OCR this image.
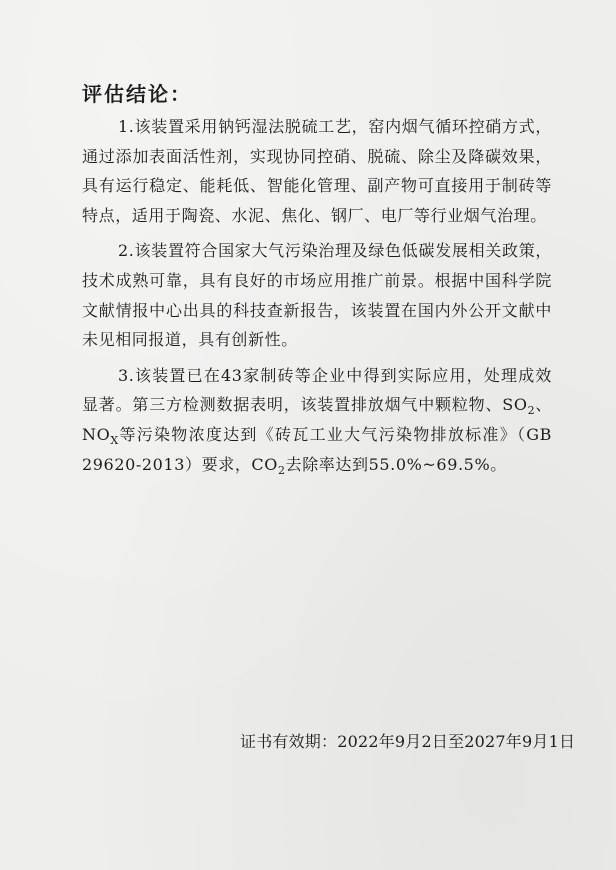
评估结论：

1.该装置采用钠钙湿法脱硫工艺，窑内烟气循环控硝方式，通过添加表面活性剂，实现协同控硝、脱硫、除尘及降碳效果，具有运行稳定、能耗低、智能化管理、副产物可直接用于制砖等特点，适用于陶瓷、水泥、焦化、钢厂、电厂等行业烟气治理。

2.该装置符合国家大气污染治理及绿色低碳发展相关政策，技术成熟可靠，具有良好的市场应用推广前景。根据中国科学院文献情报中心出具的科技查新报告，该装置在国内外公开文献中未见相同报道，具有创新性。

3.该装置已在43家制砖等企业中得到实际应用，处理成效显著。第三方检测数据表明，该装置排放烟气中颗粒物、$SO_2$、$NO_X$等污染物浓度达到《砖瓦工业大气污染物排放标准》（GB 29620-2013）要求，$CO_2$去除率达到55.0%~69.5%。

证书有效期：2022年9月2日至2027年9月1日
